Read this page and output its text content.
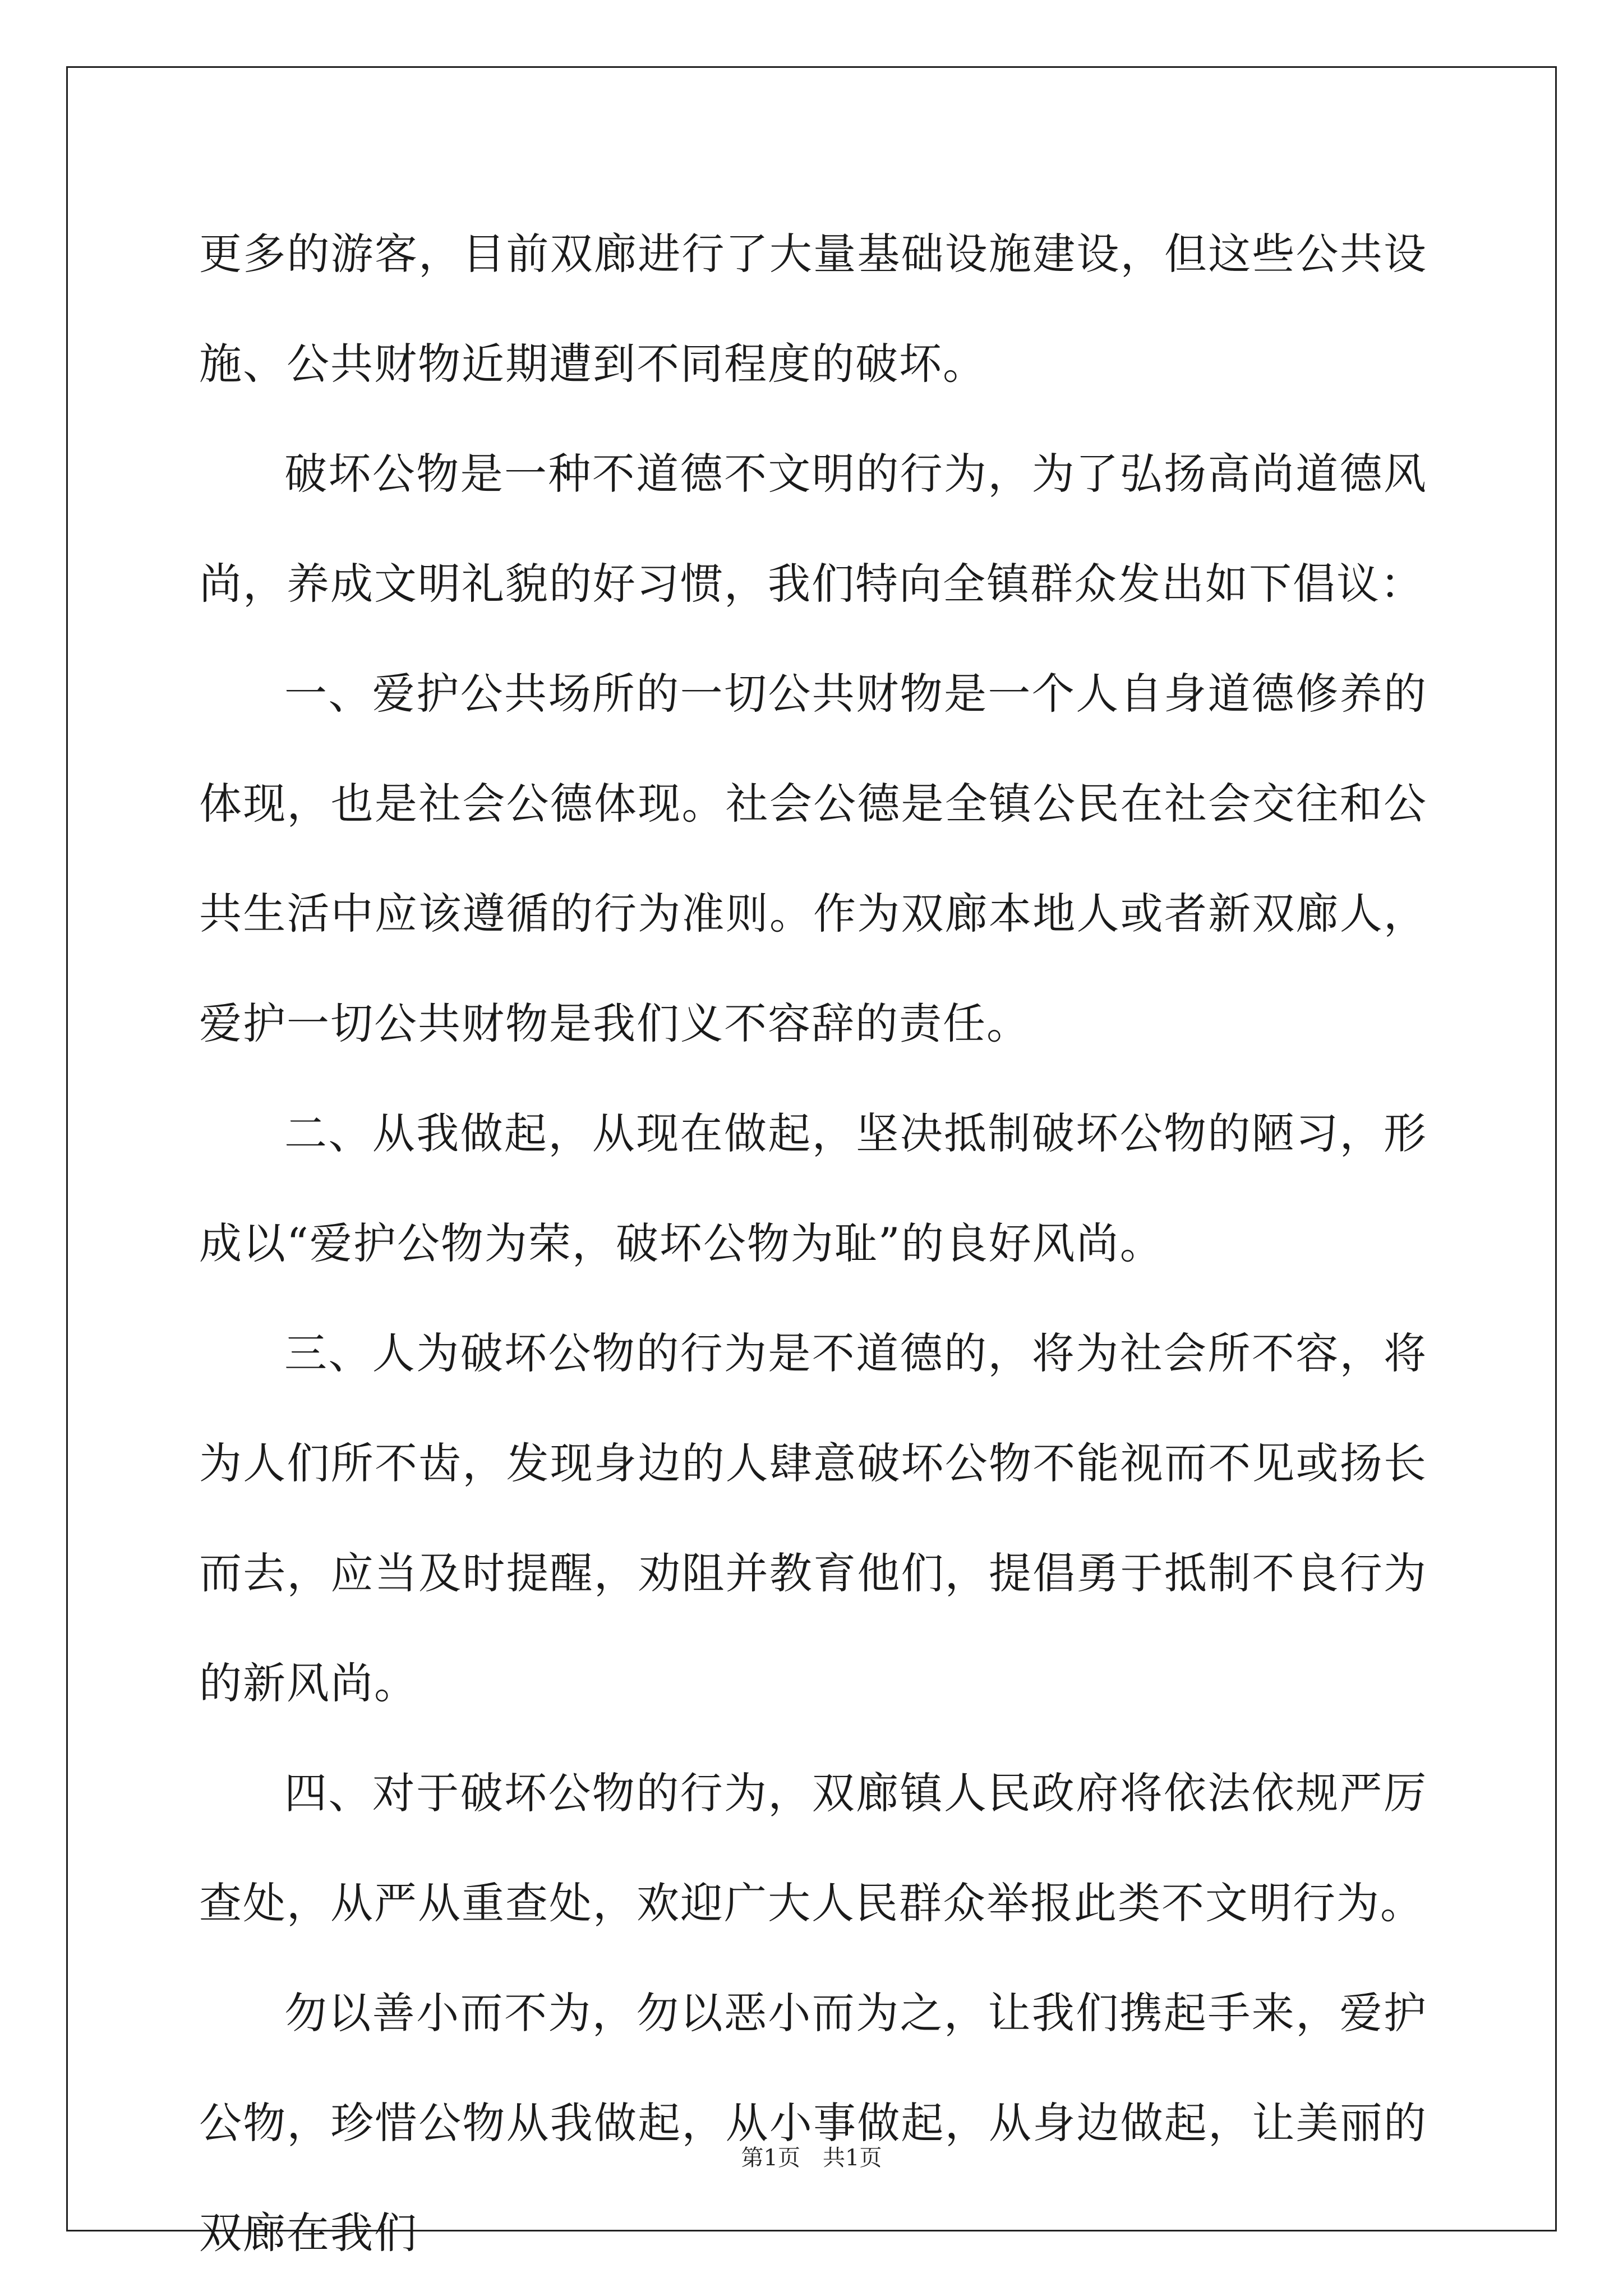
更多的游客，目前双廊进行了大量基础设施建设，但这些公共设施、公共财物近期遭到不同程度的破坏。

破坏公物是一种不道德不文明的行为，为了弘扬高尚道德风尚，养成文明礼貌的好习惯，我们特向全镇群众发出如下倡议：

一、爱护公共场所的一切公共财物是一个人自身道德修养的体现，也是社会公德体现。社会公德是全镇公民在社会交往和公共生活中应该遵循的行为准则。作为双廊本地人或者新双廊人，爱护一切公共财物是我们义不容辞的责任。

二、从我做起，从现在做起，坚决抵制破坏公物的陋习，形成以“爱护公物为荣，破坏公物为耻”的良好风尚。

三、人为破坏公物的行为是不道德的，将为社会所不容，将为人们所不齿，发现身边的人肆意破坏公物不能视而不见或扬长而去，应当及时提醒，劝阻并教育他们，提倡勇于抵制不良行为的新风尚。

四、对于破坏公物的行为，双廊镇人民政府将依法依规严厉查处，从严从重查处，欢迎广大人民群众举报此类不文明行为。

勿以善小而不为，勿以恶小而为之，让我们携起手来，爱护公物，珍惜公物从我做起，从小事做起，从身边做起，让美丽的双廊在我们

第1页　共1页
